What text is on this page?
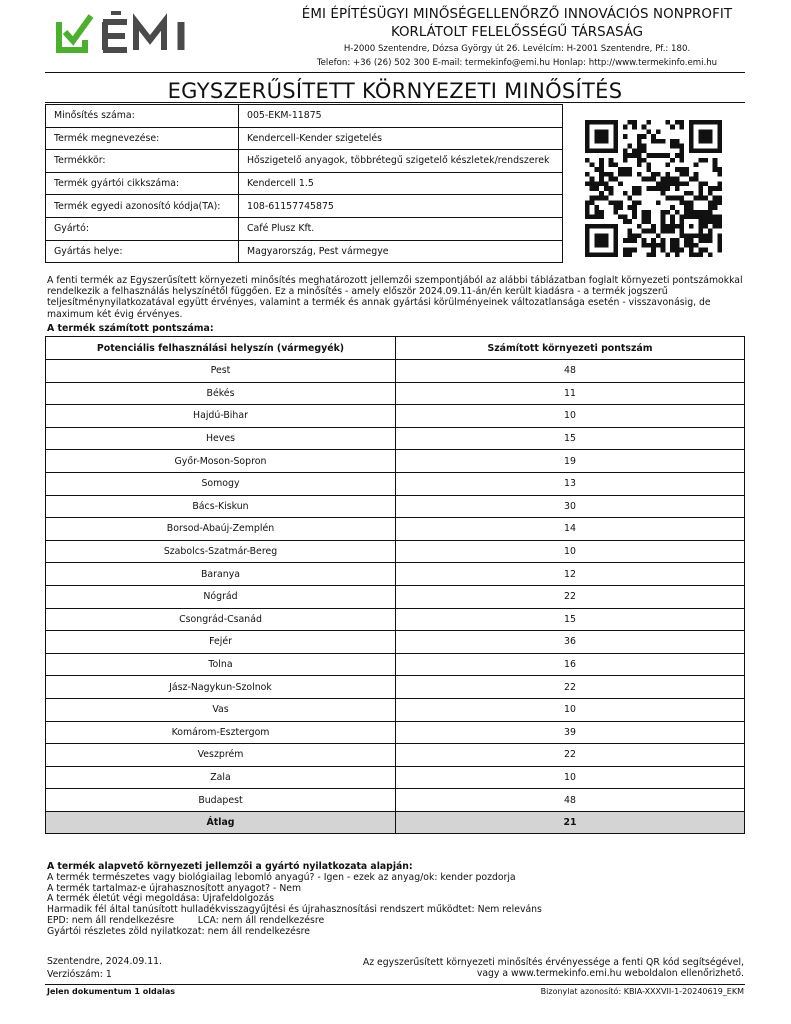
ÉMI ÉPÍTÉSÜGYI MINŐSÉGELLENŐRZŐ INNOVÁCIÓS NONPROFIT
KORLÁTOLT FELELŐSSÉGŰ TÁRSASÁG
H-2000 Szentendre, Dózsa György út 26. Levélcím: H-2001 Szentendre, Pf.: 180.
Telefon: +36 (26) 502 300 E-mail: termekinfo@emi.hu Honlap: http://www.termekinfo.emi.hu
EGYSZERŰSÍTETT KÖRNYEZETI MINŐSÍTÉS
Minősítés száma:	005-EKM-11875
Termék megnevezése:	Kendercell-Kender szigetelés
Termékkör:	Hőszigetelő anyagok, többrétegű szigetelő készletek/rendszerek
Termék gyártói cikkszáma:	Kendercell 1.5
Termék egyedi azonosító kódja(TA):	108-61157745875
Gyártó:	Café Plusz Kft.
Gyártás helye:	Magyarország, Pest vármegye
A fenti termék az Egyszerűsített környezeti minősítés meghatározott jellemzői szempontjából az alábbi táblázatban foglalt környezeti pontszámokkal rendelkezik a felhasználás helyszínétől függően. Ez a minősítés - amely először 2024.09.11-án/én került kiadásra - a termék jogszerű teljesítménynyilatkozatával együtt érvényes, valamint a termék és annak gyártási körülményeinek változatlansága esetén - visszavonásig, de maximum két évig érvényes.
A termék számított pontszáma:
Potenciális felhasználási helyszín (vármegyék)	Számított környezeti pontszám
Pest	48
Békés	11
Hajdú-Bihar	10
Heves	15
Győr-Moson-Sopron	19
Somogy	13
Bács-Kiskun	30
Borsod-Abaúj-Zemplén	14
Szabolcs-Szatmár-Bereg	10
Baranya	12
Nógrád	22
Csongrád-Csanád	15
Fejér	36
Tolna	16
Jász-Nagykun-Szolnok	22
Vas	10
Komárom-Esztergom	39
Veszprém	22
Zala	10
Budapest	48
Átlag	21
A termék alapvető környezeti jellemzői a gyártó nyilatkozata alapján:
A termék természetes vagy biológiailag lebomló anyagú? - Igen - ezek az anyag/ok: kender pozdorja
A termék tartalmaz-e újrahasznosított anyagot? - Nem
A termék életút végi megoldása: Újrafeldolgozás
Harmadik fél által tanúsított hulladékvisszagyűjtési és újrahasznosítási rendszert működtet: Nem releváns
EPD: nem áll rendelkezésre        LCA: nem áll rendelkezésre
Gyártói részletes zöld nyilatkozat: nem áll rendelkezésre
Szentendre, 2024.09.11.
Verziószám: 1
Az egyszerűsített környezeti minősítés érvényessége a fenti QR kód segítségével,
vagy a www.termekinfo.emi.hu weboldalon ellenőrizhető.
Jelen dokumentum 1 oldalas	Bizonylat azonosító: KBIA-XXXVII-1-20240619_EKM
